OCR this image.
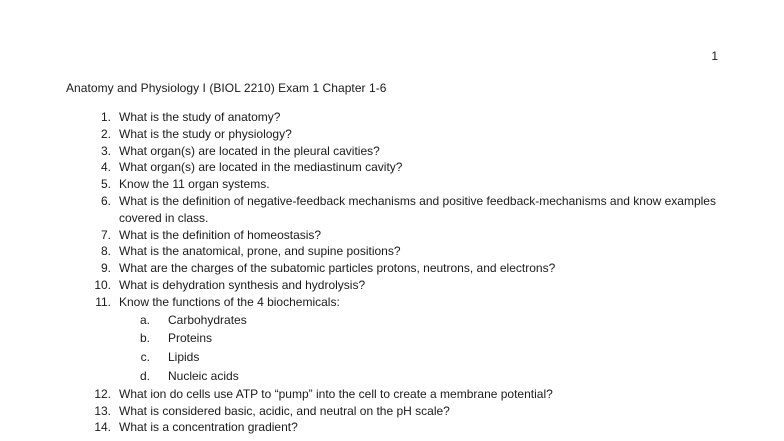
1
Anatomy and Physiology I (BIOL 2210) Exam 1 Chapter 1-6
1. What is the study of anatomy?
2. What is the study or physiology?
3. What organ(s) are located in the pleural cavities?
4. What organ(s) are located in the mediastinum cavity?
5. Know the 11 organ systems.
6. What is the definition of negative-feedback mechanisms and positive feedback-mechanisms and know examples covered in class.
7. What is the definition of homeostasis?
8. What is the anatomical, prone, and supine positions?
9. What are the charges of the subatomic particles protons, neutrons, and electrons?
10. What is dehydration synthesis and hydrolysis?
11. Know the functions of the 4 biochemicals:
a.	Carbohydrates
b.	Proteins
c.	Lipids
d.	Nucleic acids
12. What ion do cells use ATP to “pump” into the cell to create a membrane potential?
13. What is considered basic, acidic, and neutral on the pH scale?
14. What is a concentration gradient?
